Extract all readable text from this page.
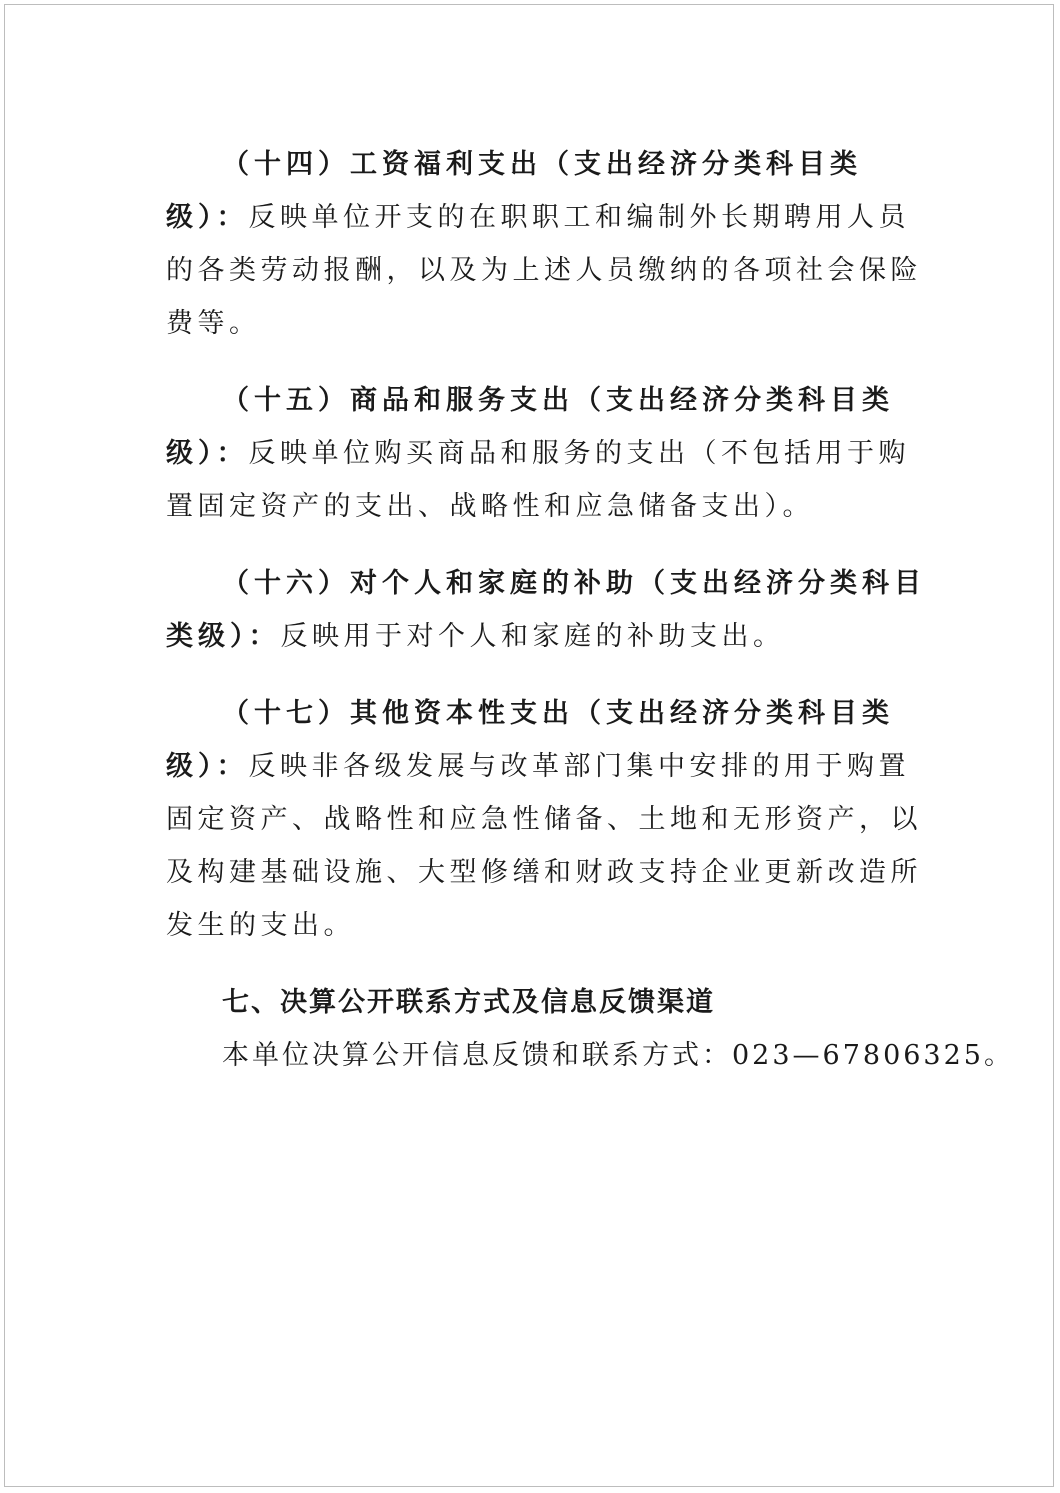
（十四）工资福利支出（支出经济分类科目类级）：反映单位开支的在职职工和编制外长期聘用人员的各类劳动报酬，以及为上述人员缴纳的各项社会保险费等。

（十五）商品和服务支出（支出经济分类科目类级）：反映单位购买商品和服务的支出（不包括用于购置固定资产的支出、战略性和应急储备支出）。

（十六）对个人和家庭的补助（支出经济分类科目类级）：反映用于对个人和家庭的补助支出。

（十七）其他资本性支出（支出经济分类科目类级）：反映非各级发展与改革部门集中安排的用于购置固定资产、战略性和应急性储备、土地和无形资产，以及构建基础设施、大型修缮和财政支持企业更新改造所发生的支出。

七、决算公开联系方式及信息反馈渠道

本单位决算公开信息反馈和联系方式：023—67806325。
